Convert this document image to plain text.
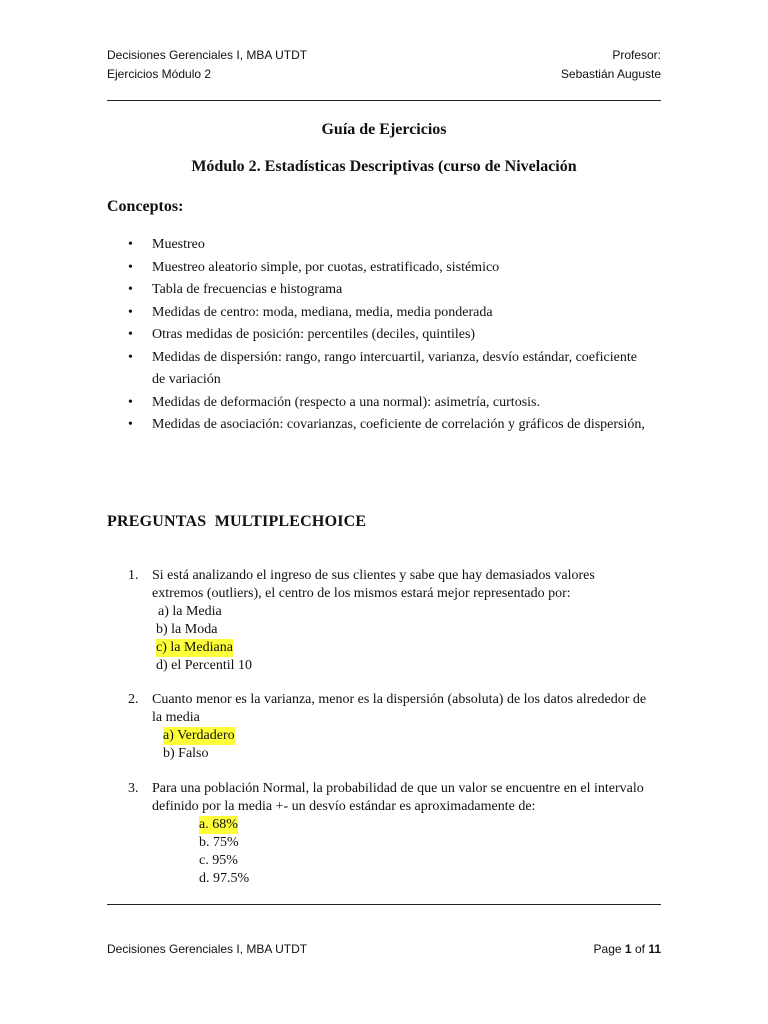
Decisiones Gerenciales I, MBA UTDT
Ejercicios Módulo 2
Profesor:
Sebastián Auguste
Guía de Ejercicios
Módulo 2. Estadísticas Descriptivas (curso de Nivelación
Conceptos:
• Muestreo
• Muestreo aleatorio simple, por cuotas, estratificado, sistémico
• Tabla de frecuencias e histograma
• Medidas de centro: moda, mediana, media, media ponderada
• Otras medidas de posición: percentiles (deciles, quintiles)
• Medidas de dispersión: rango, rango intercuartil, varianza, desvío estándar, coeficiente de variación
• Medidas de deformación (respecto a una normal): asimetría, curtosis.
• Medidas de asociación: covarianzas, coeficiente de correlación y gráficos de dispersión,
PREGUNTAS  MULTIPLECHOICE
1. Si está analizando el ingreso de sus clientes y sabe que hay demasiados valores extremos (outliers), el centro de los mismos estará mejor representado por:
a) la Media
b) la Moda
c) la Mediana
d) el Percentil 10
2. Cuanto menor es la varianza, menor es la dispersión (absoluta) de los datos alrededor de la media
a) Verdadero
b) Falso
3. Para una población Normal, la probabilidad de que un valor se encuentre en el intervalo definido por la media +- un desvío estándar es aproximadamente de:
a. 68%
b. 75%
c. 95%
d. 97.5%
Decisiones Gerenciales I, MBA UTDT	Page 1 of 11
